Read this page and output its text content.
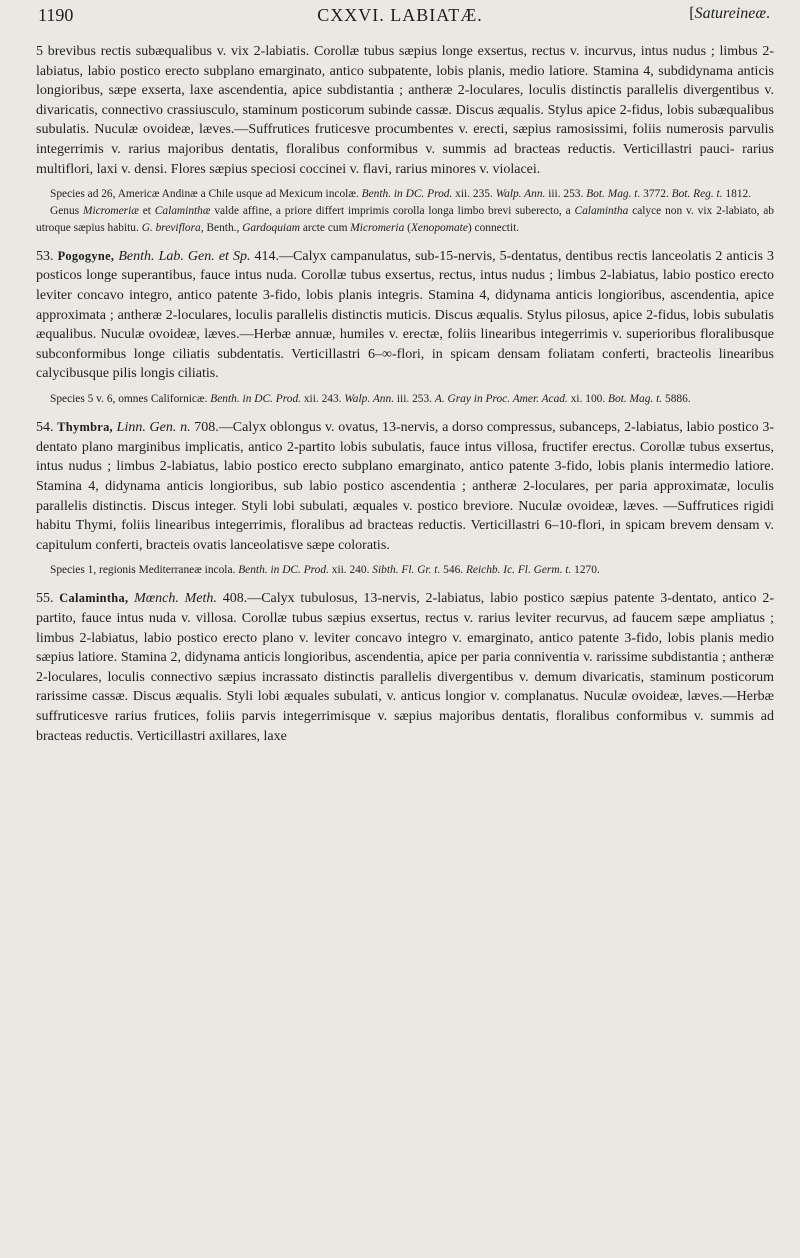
1190	CXXVI. LABIATÆ.	[Satureineæ.

5 brevibus rectis subæqualibus v. vix 2-labiatis. Corollæ tubus sæpius longe exsertus, rectus v. incurvus, intus nudus ; limbus 2-labiatus, labio postico erecto subplano emarginato, antico subpatente, lobis planis, medio latiore. Stamina 4, subdidynama anticis longioribus, sæpe exserta, laxe ascendentia, apice subdistantia ; antheræ 2-loculares, loculis distinctis parallelis divergentibus v. divaricatis, connectivo crassiusculo, staminum posticorum subinde cassæ. Discus æqualis. Stylus apice 2-fidus, lobis subæqualibus subulatis. Nuculæ ovoideæ, læves.—Suffrutices fruticesve procumbentes v. erecti, sæpius ramosissimi, foliis numerosis parvulis integerrimis v. rarius majoribus dentatis, floralibus conformibus v. summis ad bracteas reductis. Verticillastri pauci- rarius multiflori, laxi v. densi. Flores sæpius speciosi coccinei v. flavi, rarius minores v. violacei.

Species ad 26, Americæ Andinæ a Chile usque ad Mexicum incolæ. Benth. in DC. Prod. xii. 235. Walp. Ann. iii. 253. Bot. Mag. t. 3772. Bot. Reg. t. 1812.

Genus Micromeriæ et Calaminthæ valde affine, a priore differt imprimis corolla longa limbo brevi suberecto, a Calamintha calyce non v. vix 2-labiato, ab utroque sæpius habitu. G. breviflora, Benth., Gardoquiam arcte cum Micromeria (Xenopomate) connectit.

53. Pogogyne, Benth. Lab. Gen. et Sp. 414.—Calyx campanulatus, sub-15-nervis, 5-dentatus, dentibus rectis lanceolatis 2 anticis 3 posticos longe superantibus, fauce intus nuda. Corollæ tubus exsertus, rectus, intus nudus ; limbus 2-labiatus, labio postico erecto leviter concavo integro, antico patente 3-fido, lobis planis integris. Stamina 4, didynama anticis longioribus, ascendentia, apice approximata ; antheræ 2-loculares, loculis parallelis distinctis muticis. Discus æqualis. Stylus pilosus, apice 2-fidus, lobis subulatis æqualibus. Nuculæ ovoideæ, læves.—Herbæ annuæ, humiles v. erectæ, foliis linearibus integerrimis v. superioribus floralibusque subconformibus longe ciliatis subdentatis. Verticillastri 6–∞-flori, in spicam densam foliatam conferti, bracteolis linearibus calycibusque pilis longis ciliatis.

Species 5 v. 6, omnes Californicæ. Benth. in DC. Prod. xii. 243. Walp. Ann. iii. 253. A. Gray in Proc. Amer. Acad. xi. 100. Bot. Mag. t. 5886.

54. Thymbra, Linn. Gen. n. 708.—Calyx oblongus v. ovatus, 13-nervis, a dorso compressus, subanceps, 2-labiatus, labio postico 3-dentato plano marginibus implicatis, antico 2-partito lobis subulatis, fauce intus villosa, fructifer erectus. Corollæ tubus exsertus, intus nudus ; limbus 2-labiatus, labio postico erecto subplano emarginato, antico patente 3-fido, lobis planis intermedio latiore. Stamina 4, didynama anticis longioribus, sub labio postico ascendentia ; antheræ 2-loculares, per paria approximatæ, loculis parallelis distinctis. Discus integer. Styli lobi subulati, æquales v. postico breviore. Nuculæ ovoideæ, læves. —Suffrutices rigidi habitu Thymi, foliis linearibus integerrimis, floralibus ad bracteas reductis. Verticillastri 6–10-flori, in spicam brevem densam v. capitulum conferti, bracteis ovatis lanceolatisve sæpe coloratis.

Species 1, regionis Mediterraneæ incola. Benth. in DC. Prod. xii. 240. Sibth. Fl. Gr. t. 546. Reichb. Ic. Fl. Germ. t. 1270.

55. Calamintha, Mœnch. Meth. 408.—Calyx tubulosus, 13-nervis, 2-labiatus, labio postico sæpius patente 3-dentato, antico 2-partito, fauce intus nuda v. villosa. Corollæ tubus sæpius exsertus, rectus v. rarius leviter recurvus, ad faucem sæpe ampliatus ; limbus 2-labiatus, labio postico erecto plano v. leviter concavo integro v. emarginato, antico patente 3-fido, lobis planis medio sæpius latiore. Stamina 2, didynama anticis longioribus, ascendentia, apice per paria conniventia v. rarissime subdistantia ; antheræ 2-loculares, loculis connectivo sæpius incrassato distinctis parallelis divergentibus v. demum divaricatis, staminum posticorum rarissime cassæ. Discus æqualis. Styli lobi æquales subulati, v. anticus longior v. complanatus. Nuculæ ovoideæ, læves.—Herbæ suffruticesve rarius frutices, foliis parvis integerrimisque v. sæpius majoribus dentatis, floralibus conformibus v. summis ad bracteas reductis. Verticillastri axillares, laxe
